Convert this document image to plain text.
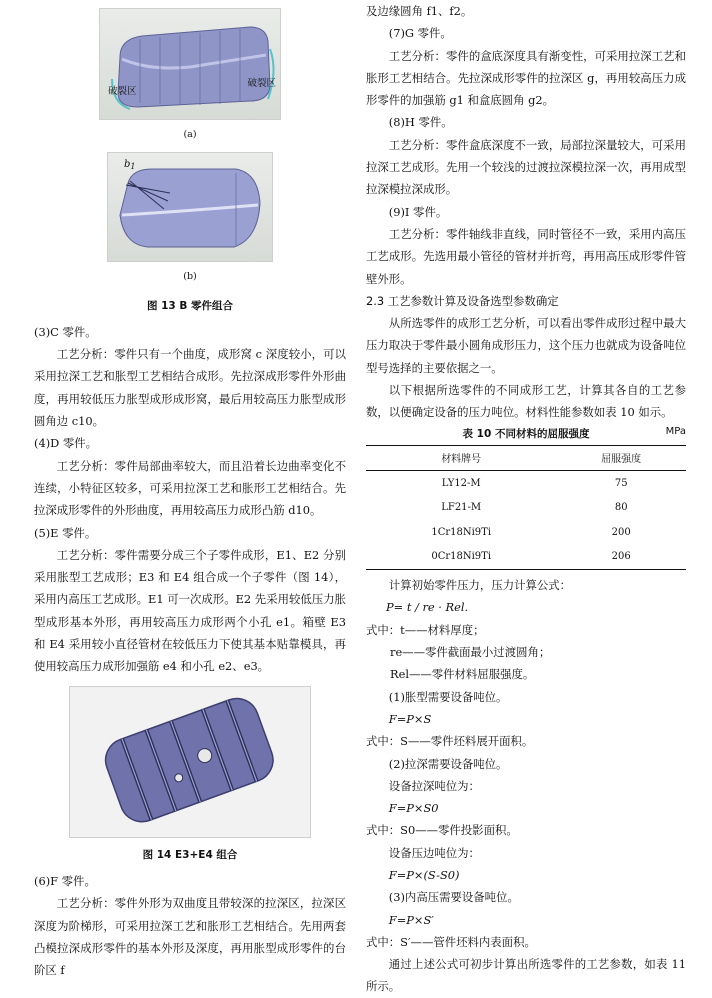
破裂区
破裂区

(a)

$b_1$

(b)

图 13 B 零件组合

(3)C 零件。

工艺分析：零件只有一个曲度，成形窝 c 深度较小，可以采用拉深工艺和胀型工艺相结合成形。先拉深成形零件外形曲度，再用较低压力胀型成形成形窝，最后用较高压力胀型成形圆角边 c10。

(4)D 零件。

工艺分析：零件局部曲率较大，而且沿着长边曲率变化不连续，小特征区较多，可采用拉深工艺和胀形工艺相结合。先拉深成形零件的外形曲度，再用较高压力成形凸筋 d10。

(5)E 零件。

工艺分析：零件需要分成三个子零件成形，E1、E2 分别采用胀型工艺成形；E3 和 E4 组合成一个子零件（图 14），采用内高压工艺成形。E1 可一次成形。E2 先采用较低压力胀型成形基本外形，再用较高压力成形两个小孔 e1。箱壁 E3 和 E4 采用较小直径管材在较低压力下使其基本贴靠模具，再使用较高压力成形加强筋 e4 和小孔 e2、e3。

图 14 E3+E4 组合

(6)F 零件。

工艺分析：零件外形为双曲度且带较深的拉深区，拉深区深度为阶梯形，可采用拉深工艺和胀形工艺相结合。先用两套凸模拉深成形零件的基本外形及深度，再用胀型成形零件的台阶区 f

及边缘圆角 f1、f2。

(7)G 零件。

工艺分析：零件的盒底深度具有渐变性，可采用拉深工艺和胀形工艺相结合。先拉深成形零件的拉深区 g，再用较高压力成形零件的加强筋 g1 和盒底圆角 g2。

(8)H 零件。

工艺分析：零件盒底深度不一致，局部拉深量较大，可采用拉深工艺成形。先用一个较浅的过渡拉深模拉深一次，再用成型拉深模拉深成形。

(9)I 零件。

工艺分析：零件轴线非直线，同时管径不一致，采用内高压工艺成形。先选用最小管径的管材并折弯，再用高压成形零件管壁外形。

2.3 工艺参数计算及设备选型参数确定

从所选零件的成形工艺分析，可以看出零件成形过程中最大压力取决于零件最小圆角成形压力，这个压力也就成为设备吨位型号选择的主要依据之一。

以下根据所选零件的不同成形工艺，计算其各自的工艺参数，以便确定设备的压力吨位。材料性能参数如表 10 如示。

表 10 不同材料的屈服强度	MPa
材料牌号	屈服强度
LY12-M	75
LF21-M	80
1Cr18Ni9Ti	200
0Cr18Ni9Ti	206

计算初始零件压力，压力计算公式：

P= t / re · Rel.

式中：t——材料厚度；

re——零件截面最小过渡圆角；

Rel——零件材料屈服强度。

(1)胀型需要设备吨位。

F=P×S

式中：S——零件坯料展开面积。

(2)拉深需要设备吨位。

设备拉深吨位为：

F=P×S0

式中：S0——零件投影面积。

设备压边吨位为：

F=P×(S-S0)

(3)内高压需要设备吨位。

F=P×S′

式中：S′——管件坯料内表面积。

通过上述公式可初步计算出所选零件的工艺参数，如表 11 所示。
